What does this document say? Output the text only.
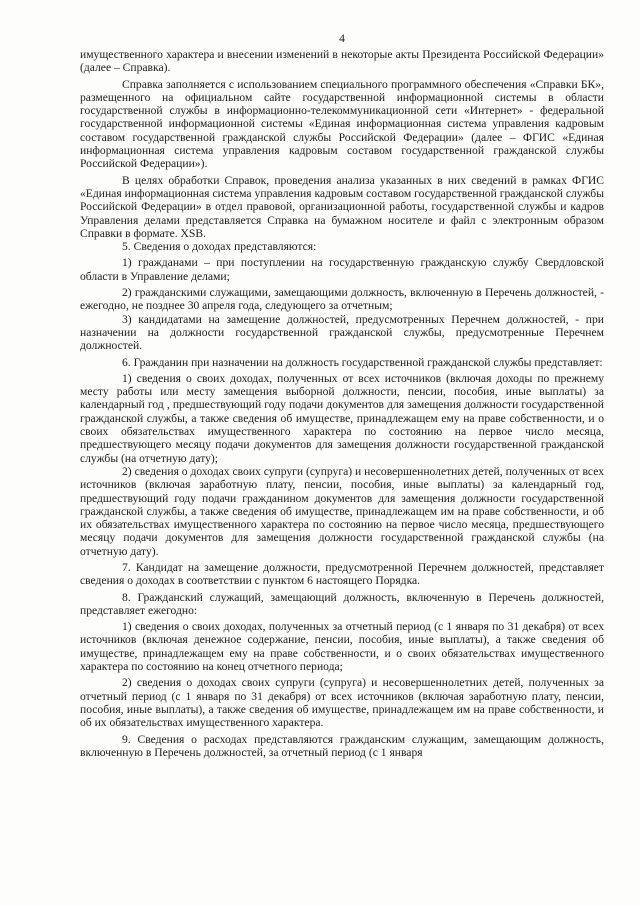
4

имущественного характера и внесении изменений в некоторые акты Президента Российской Федерации» (далее – Справка).

Справка заполняется с использованием специального программного обеспечения «Справки БК», размещенного на официальном сайте государственной информационной системы в области государственной службы в информационно-телекоммуникационной сети «Интернет» - федеральной государственной информационной системы «Единая информационная система управления кадровым составом государственной гражданской службы Российской Федерации» (далее – ФГИС «Единая информационная система управления кадровым составом государственной гражданской службы Российской Федерации»).

В целях обработки Справок, проведения анализа указанных в них сведений в рамках ФГИС «Единая информационная система управления кадровым составом государственной гражданской службы Российской Федерации» в отдел правовой, организационной работы, государственной службы и кадров Управления делами представляется Справка на бумажном носителе и файл с электронным образом Справки в формате. XSB.

5. Сведения о доходах представляются:

1) гражданами – при поступлении на государственную гражданскую службу Свердловской области в Управление делами;

2) гражданскими служащими, замещающими должность, включенную в Перечень должностей, - ежегодно, не позднее 30 апреля года, следующего за отчетным;

3) кандидатами на замещение должностей, предусмотренных Перечнем должностей, - при назначении на должности государственной гражданской службы, предусмотренные Перечнем должностей.

6. Гражданин при назначении на должность государственной гражданской службы представляет:

1) сведения о своих доходах, полученных от всех источников (включая доходы по прежнему месту работы или месту замещения выборной должности, пенсии, пособия, иные выплаты) за календарный год , предшествующий году подачи документов для замещения должности государственной гражданской службы, а также сведения об имуществе, принадлежащем ему на праве собственности, и о своих обязательствах имущественного характера по состоянию на первое число месяца, предшествующего месяцу подачи документов для замещения должности государственной гражданской службы (на отчетную дату);

2) сведения о доходах своих супруги (супруга) и несовершеннолетних детей, полученных от всех источников (включая заработную плату, пенсии, пособия, иные выплаты) за календарный год, предшествующий году подачи гражданином документов для замещения должности государственной гражданской службы, а также сведения об имуществе, принадлежащем им на праве собственности, и об их обязательствах имущественного характера по состоянию на первое число месяца, предшествующего месяцу подачи документов для замещения должности государственной гражданской службы (на отчетную дату).

7. Кандидат на замещение должности, предусмотренной Перечнем должностей, представляет сведения о доходах в соответствии с пунктом 6 настоящего Порядка.

8. Гражданский служащий, замещающий должность, включенную в Перечень должностей, представляет ежегодно:

1) сведения о своих доходах, полученных за отчетный период (с 1 января по 31 декабря) от всех источников (включая денежное содержание, пенсии, пособия, иные выплаты), а также сведения об имуществе, принадлежащем ему на праве собственности, и о своих обязательствах имущественного характера по состоянию на конец отчетного периода;

2) сведения о доходах своих супруги (супруга) и несовершеннолетних детей, полученных за отчетный период (с 1 января по 31 декабря) от всех источников (включая заработную плату, пенсии, пособия, иные выплаты), а также сведения об имуществе, принадлежащем им на праве собственности, и об их обязательствах имущественного характера.

9. Сведения о расходах представляются гражданским служащим, замещающим должность, включенную в Перечень должностей, за отчетный период (с 1 января
